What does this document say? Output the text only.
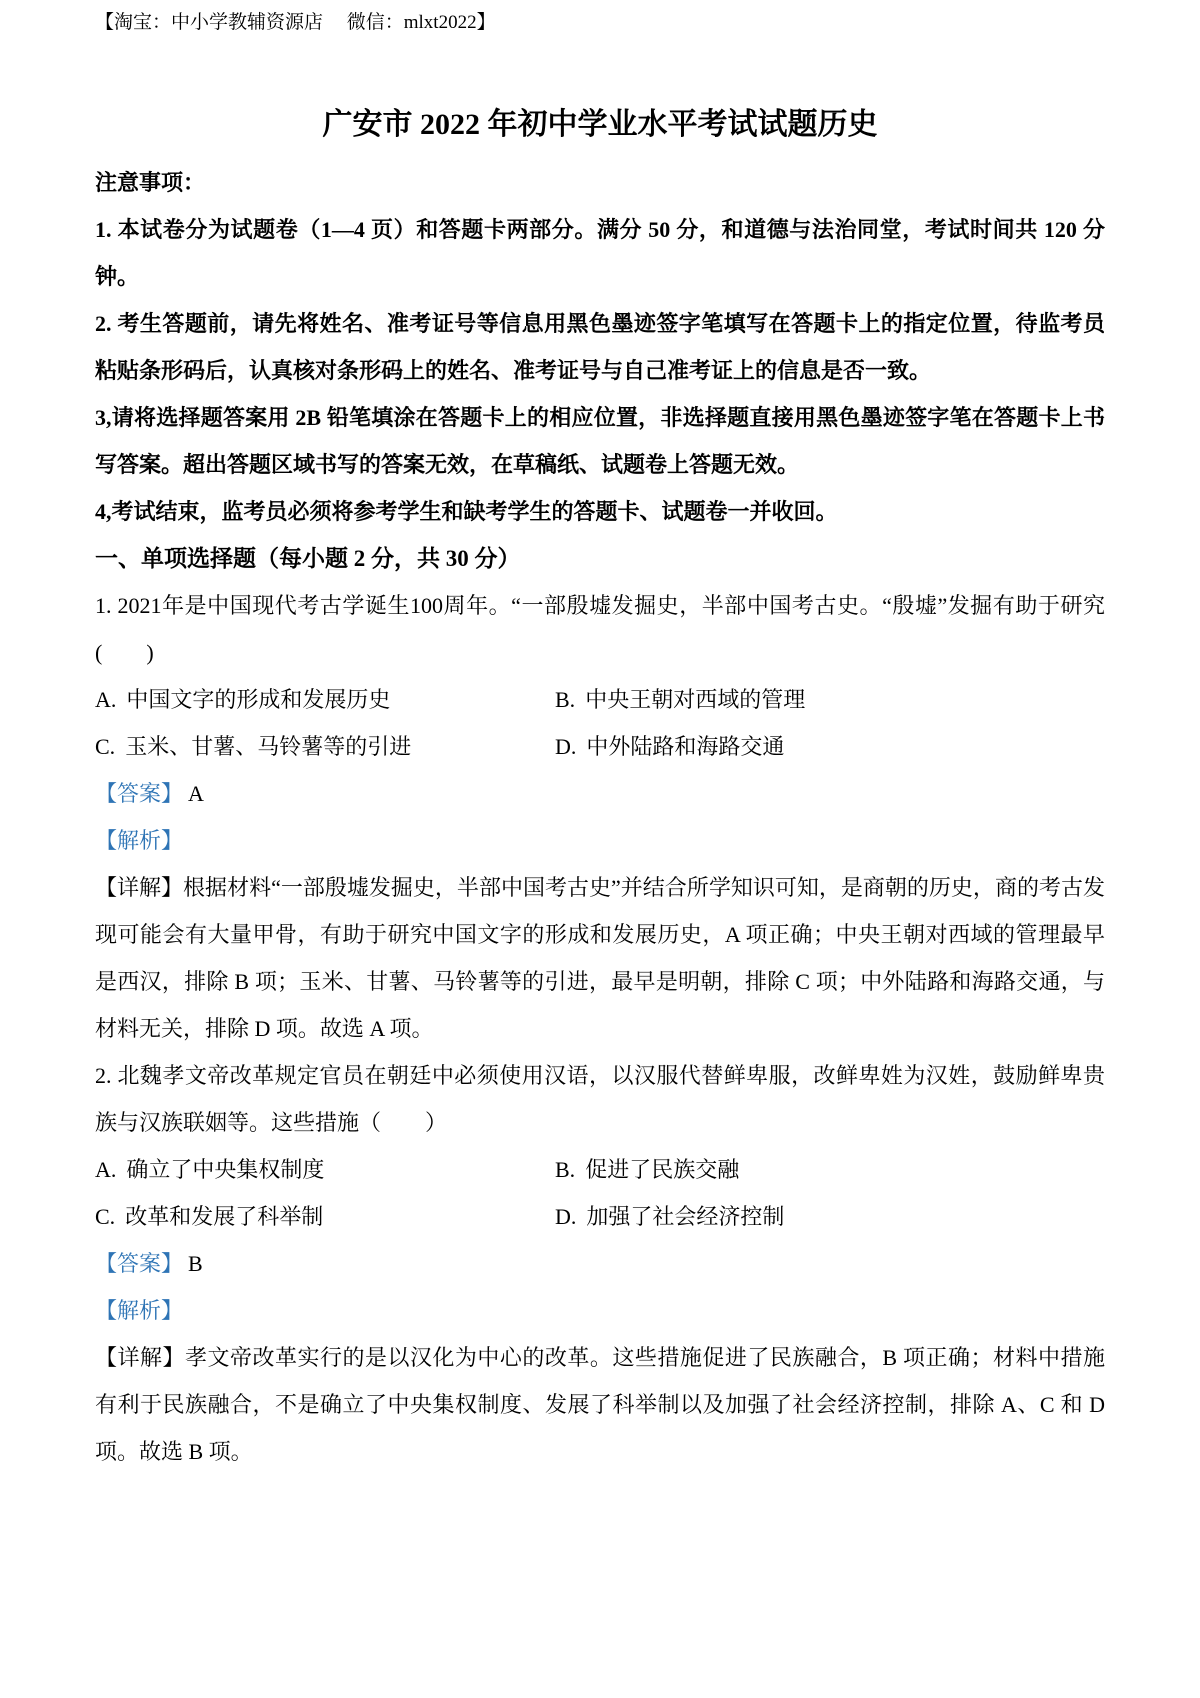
【淘宝：中小学教辅资源店　 微信：mlxt2022】
广安市 2022 年初中学业水平考试试题历史

注意事项：

1. 本试卷分为试题卷（1—4 页）和答题卡两部分。满分 50 分，和道德与法治同堂，考试时间共 120 分钟。

2. 考生答题前，请先将姓名、准考证号等信息用黑色墨迹签字笔填写在答题卡上的指定位置，待监考员粘贴条形码后，认真核对条形码上的姓名、准考证号与自己准考证上的信息是否一致。

3,请将选择题答案用 2B 铅笔填涂在答题卡上的相应位置，非选择题直接用黑色墨迹签字笔在答题卡上书写答案。超出答题区域书写的答案无效，在草稿纸、试题卷上答题无效。

4,考试结束，监考员必须将参考学生和缺考学生的答题卡、试题卷一并收回。

一、单项选择题（每小题 2 分，共 30 分）

1. 2021年是中国现代考古学诞生100周年。“一部殷墟发掘史，半部中国考古史。“殷墟”发掘有助于研究(　　)

A. 中国文字的形成和发展历史	B. 中央王朝对西域的管理
C. 玉米、甘薯、马铃薯等的引进	D. 中外陆路和海路交通

【答案】 A

【解析】

【详解】根据材料“一部殷墟发掘史，半部中国考古史”并结合所学知识可知，是商朝的历史，商的考古发现可能会有大量甲骨，有助于研究中国文字的形成和发展历史，A 项正确；中央王朝对西域的管理最早是西汉，排除 B 项；玉米、甘薯、马铃薯等的引进，最早是明朝，排除 C 项；中外陆路和海路交通，与材料无关，排除 D 项。故选 A 项。

2. 北魏孝文帝改革规定官员在朝廷中必须使用汉语，以汉服代替鲜卑服，改鲜卑姓为汉姓，鼓励鲜卑贵族与汉族联姻等。这些措施（　　）

A. 确立了中央集权制度	B. 促进了民族交融
C. 改革和发展了科举制	D. 加强了社会经济控制

【答案】 B

【解析】

【详解】孝文帝改革实行的是以汉化为中心的改革。这些措施促进了民族融合，B 项正确；材料中措施有利于民族融合，不是确立了中央集权制度、发展了科举制以及加强了社会经济控制，排除 A、C 和 D 项。故选 B 项。
